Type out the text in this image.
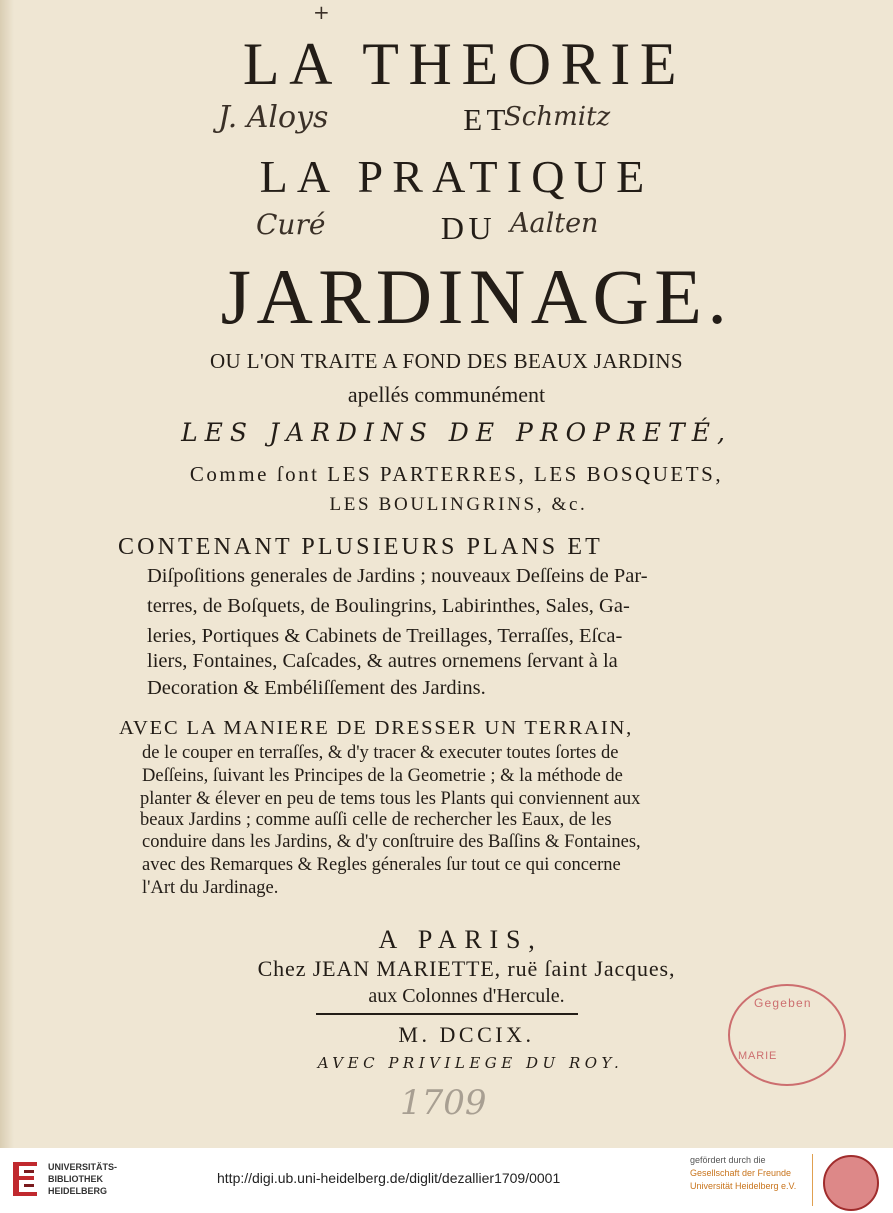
+
LA THEORIE
J. Aloys	ET
Schmitz
LA PRATIQUE
Curé	DU Aalten
JARDINAGE.
OU L'ON TRAITE A FOND DES BEAUX JARDINS
apellés communément
LES JARDINS DE PROPRETÉ,
Comme ſont LES PARTERRES, LES BOSQUETS,
LES BOULINGRINS, &c.
CONTENANT PLUSIEURS PLANS ET
Diſpoſitions generales de Jardins ; nouveaux Deſſeins de Par-
terres, de Boſquets, de Boulingrins, Labirinthes, Sales, Ga-
leries, Portiques & Cabinets de Treillages, Terraſſes, Eſca-
liers, Fontaines, Caſcades, & autres ornemens ſervant à la
Decoration & Embéliſſement des Jardins.
AVEC LA MANIERE DE DRESSER UN TERRAIN,
de le couper en terraſſes, & d'y tracer & executer toutes ſortes de
Deſſeins, ſuivant les Principes de la Geometrie ; & la méthode de
planter & élever en peu de tems tous les Plants qui conviennent aux
beaux Jardins ; comme auſſi celle de rechercher les Eaux, de les
conduire dans les Jardins, & d'y conſtruire des Baſſins & Fontaines,
avec des Remarques & Regles génerales ſur tout ce qui concerne
l'Art du Jardinage.
A PARIS,
Chez JEAN MARIETTE, ruë ſaint Jacques,
aux Colonnes d'Hercule.
M. DCCIX.
AVEC PRIVILEGE DU ROY.
1709
Gegeben
MARIE
UNIVERSITÄTS-
BIBLIOTHEK
HEIDELBERG
http://digi.ub.uni-heidelberg.de/diglit/dezallier1709/0001
gefördert durch die
Gesellschaft der Freunde
Universität Heidelberg e.V.
